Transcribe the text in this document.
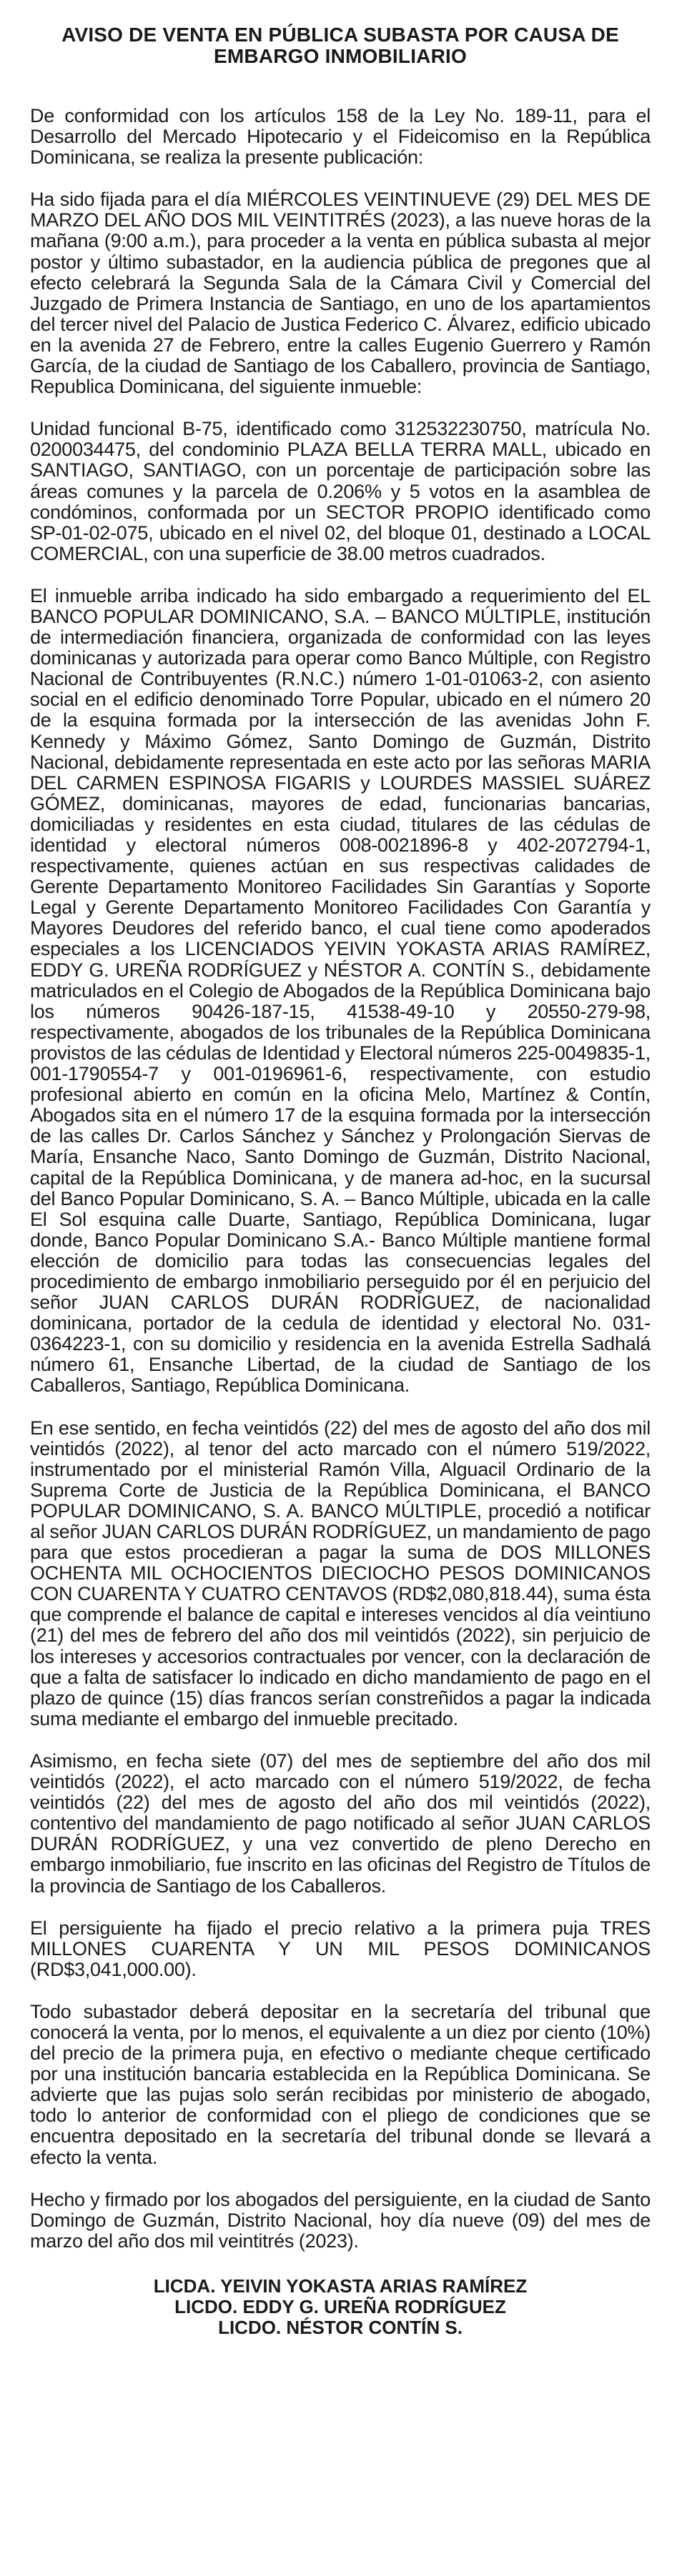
AVISO DE VENTA EN PÚBLICA SUBASTA POR CAUSA DE
EMBARGO INMOBILIARIO

De conformidad con los artículos 158 de la Ley No. 189-11, para el Desarrollo del Mercado Hipotecario y el Fideicomiso en la República Dominicana, se realiza la presente publicación:

Ha sido fijada para el día MIÉRCOLES VEINTINUEVE (29) DEL MES DE MARZO DEL AÑO DOS MIL VEINTITRÉS (2023), a las nueve horas de la mañana (9:00 a.m.), para proceder a la venta en pública subasta al mejor postor y último subastador, en la audiencia pública de pregones que al efecto celebrará la Segunda Sala de la Cámara Civil y Comercial del Juzgado de Primera Instancia de Santiago, en uno de los apartamientos del tercer nivel del Palacio de Justica Federico C. Álvarez, edificio ubicado en la avenida 27 de Febrero, entre la calles Eugenio Guerrero y Ramón García, de la ciudad de Santiago de los Caballero, provincia de Santiago, Republica Dominicana, del siguiente inmueble:

Unidad funcional B-75, identificado como 312532230750, matrícula No. 0200034475, del condominio PLAZA BELLA TERRA MALL, ubicado en SANTIAGO, SANTIAGO, con un porcentaje de participación sobre las áreas comunes y la parcela de 0.206% y 5 votos en la asamblea de condóminos, conformada por un SECTOR PROPIO identificado como SP-01-02-075, ubicado en el nivel 02, del bloque 01, destinado a LOCAL COMERCIAL, con una superficie de 38.00 metros cuadrados.

El inmueble arriba indicado ha sido embargado a requerimiento del EL BANCO POPULAR DOMINICANO, S.A. – BANCO MÚLTIPLE, institución de intermediación financiera, organizada de conformidad con las leyes dominicanas y autorizada para operar como Banco Múltiple, con Registro Nacional de Contribuyentes (R.N.C.) número 1-01-01063-2, con asiento social en el edificio denominado Torre Popular, ubicado en el número 20 de la esquina formada por la intersección de las avenidas John F. Kennedy y Máximo Gómez, Santo Domingo de Guzmán, Distrito Nacional, debidamente representada en este acto por las señoras MARIA DEL CARMEN ESPINOSA FIGARIS y LOURDES MASSIEL SUÁREZ GÓMEZ, dominicanas, mayores de edad, funcionarias bancarias, domiciliadas y residentes en esta ciudad, titulares de las cédulas de identidad y electoral números 008-0021896-8 y 402-2072794-1, respectivamente, quienes actúan en sus respectivas calidades de Gerente Departamento Monitoreo Facilidades Sin Garantías y Soporte Legal y Gerente Departamento Monitoreo Facilidades Con Garantía y Mayores Deudores del referido banco, el cual tiene como apoderados especiales a los LICENCIADOS YEIVIN YOKASTA ARIAS RAMÍREZ, EDDY G. UREÑA RODRÍGUEZ y NÉSTOR A. CONTÍN S., debidamente matriculados en el Colegio de Abogados de la República Dominicana bajo los números 90426-187-15, 41538-49-10 y 20550-279-98, respectivamente, abogados de los tribunales de la República Dominicana provistos de las cédulas de Identidad y Electoral números 225-0049835-1, 001-1790554-7 y 001-0196961-6, respectivamente, con estudio profesional abierto en común en la oficina Melo, Martínez & Contín, Abogados sita en el número 17 de la esquina formada por la intersección de las calles Dr. Carlos Sánchez y Sánchez y Prolongación Siervas de María, Ensanche Naco, Santo Domingo de Guzmán, Distrito Nacional, capital de la República Dominicana, y de manera ad-hoc, en la sucursal del Banco Popular Dominicano, S. A. – Banco Múltiple, ubicada en la calle El Sol esquina calle Duarte, Santiago, República Dominicana, lugar donde, Banco Popular Dominicano S.A.- Banco Múltiple mantiene formal elección de domicilio para todas las consecuencias legales del procedimiento de embargo inmobiliario perseguido por él en perjuicio del señor JUAN CARLOS DURÁN RODRÍGUEZ, de nacionalidad dominicana, portador de la cedula de identidad y electoral No. 031-0364223-1, con su domicilio y residencia en la avenida Estrella Sadhalá número 61, Ensanche Libertad, de la ciudad de Santiago de los Caballeros, Santiago, República Dominicana.

En ese sentido, en fecha veintidós (22) del mes de agosto del año dos mil veintidós (2022), al tenor del acto marcado con el número 519/2022, instrumentado por el ministerial Ramón Villa, Alguacil Ordinario de la Suprema Corte de Justicia de la República Dominicana, el BANCO POPULAR DOMINICANO, S. A. BANCO MÚLTIPLE, procedió a notificar al señor JUAN CARLOS DURÁN RODRÍGUEZ, un mandamiento de pago para que estos procedieran a pagar la suma de DOS MILLONES OCHENTA MIL OCHOCIENTOS DIECIOCHO PESOS DOMINICANOS CON CUARENTA Y CUATRO CENTAVOS (RD$2,080,818.44), suma ésta que comprende el balance de capital e intereses vencidos al día veintiuno (21) del mes de febrero del año dos mil veintidós (2022), sin perjuicio de los intereses y accesorios contractuales por vencer, con la declaración de que a falta de satisfacer lo indicado en dicho mandamiento de pago en el plazo de quince (15) días francos serían constreñidos a pagar la indicada suma mediante el embargo del inmueble precitado.

Asimismo, en fecha siete (07) del mes de septiembre del año dos mil veintidós (2022), el acto marcado con el número 519/2022, de fecha veintidós (22) del mes de agosto del año dos mil veintidós (2022), contentivo del mandamiento de pago notificado al señor JUAN CARLOS DURÁN RODRÍGUEZ, y una vez convertido de pleno Derecho en embargo inmobiliario, fue inscrito en las oficinas del Registro de Títulos de la provincia de Santiago de los Caballeros.

El persiguiente ha fijado el precio relativo a la primera puja TRES MILLONES CUARENTA Y UN MIL PESOS DOMINICANOS (RD$3,041,000.00).

Todo subastador deberá depositar en la secretaría del tribunal que conocerá la venta, por lo menos, el equivalente a un diez por ciento (10%) del precio de la primera puja, en efectivo o mediante cheque certificado por una institución bancaria establecida en la República Dominicana. Se advierte que las pujas solo serán recibidas por ministerio de abogado, todo lo anterior de conformidad con el pliego de condiciones que se encuentra depositado en la secretaría del tribunal donde se llevará a efecto la venta.

Hecho y firmado por los abogados del persiguiente, en la ciudad de Santo Domingo de Guzmán, Distrito Nacional, hoy día nueve (09) del mes de marzo del año dos mil veintitrés (2023).

LICDA. YEIVIN YOKASTA ARIAS RAMÍREZ
LICDO. EDDY G. UREÑA RODRÍGUEZ
LICDO. NÉSTOR CONTÍN S.
